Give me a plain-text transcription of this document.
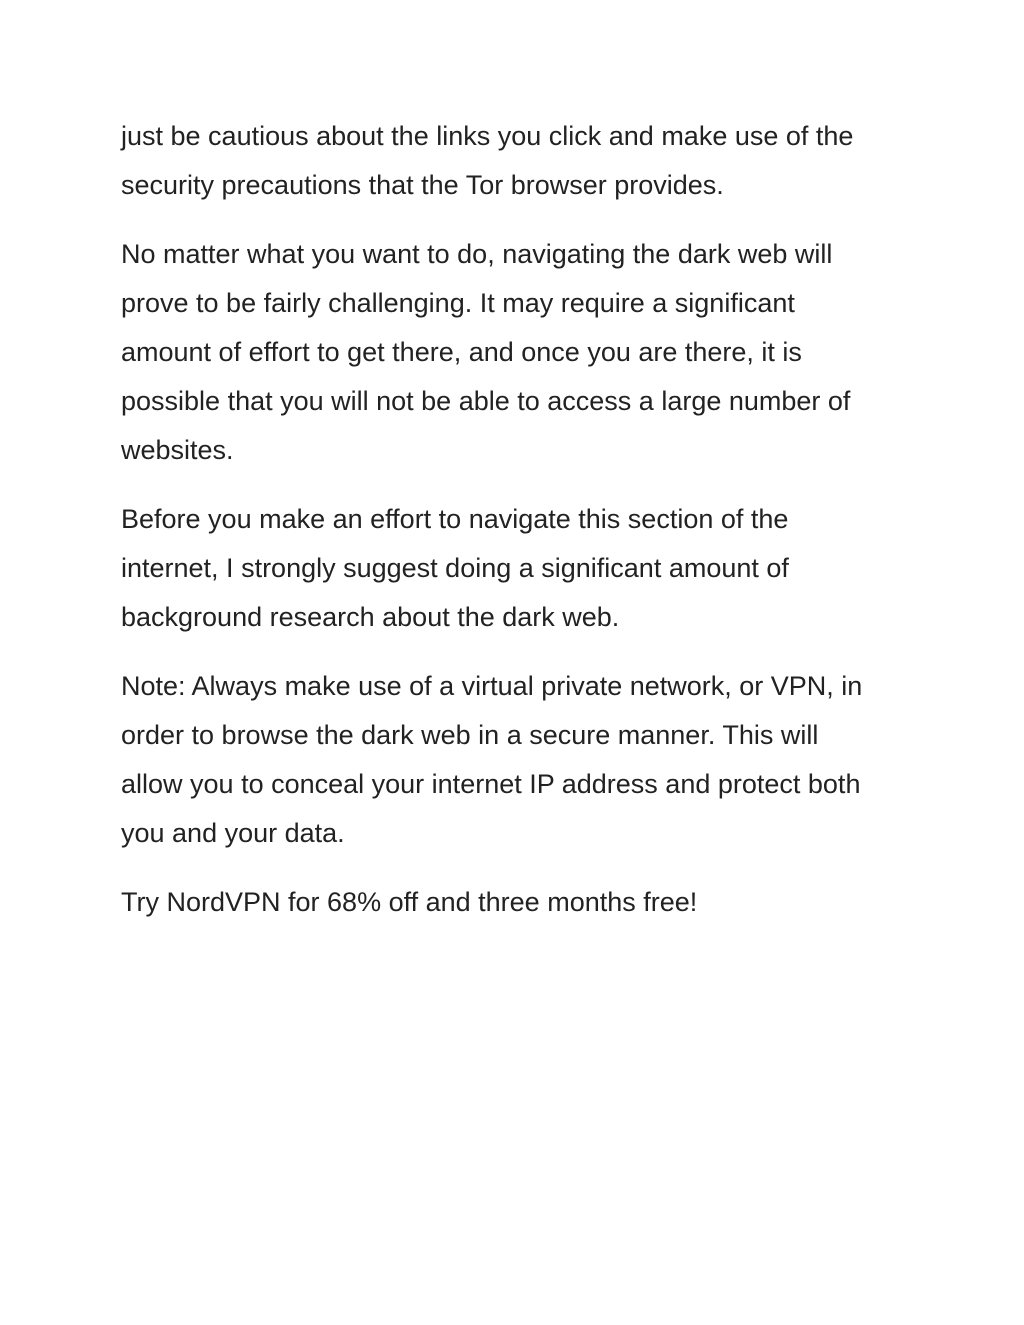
just be cautious about the links you click and make use of the
security precautions that the Tor browser provides.

No matter what you want to do, navigating the dark web will
prove to be fairly challenging. It may require a significant
amount of effort to get there, and once you are there, it is
possible that you will not be able to access a large number of
websites.

Before you make an effort to navigate this section of the
internet, I strongly suggest doing a significant amount of
background research about the dark web.

Note: Always make use of a virtual private network, or VPN, in
order to browse the dark web in a secure manner. This will
allow you to conceal your internet IP address and protect both
you and your data.

Try NordVPN for 68% off and three months free!
